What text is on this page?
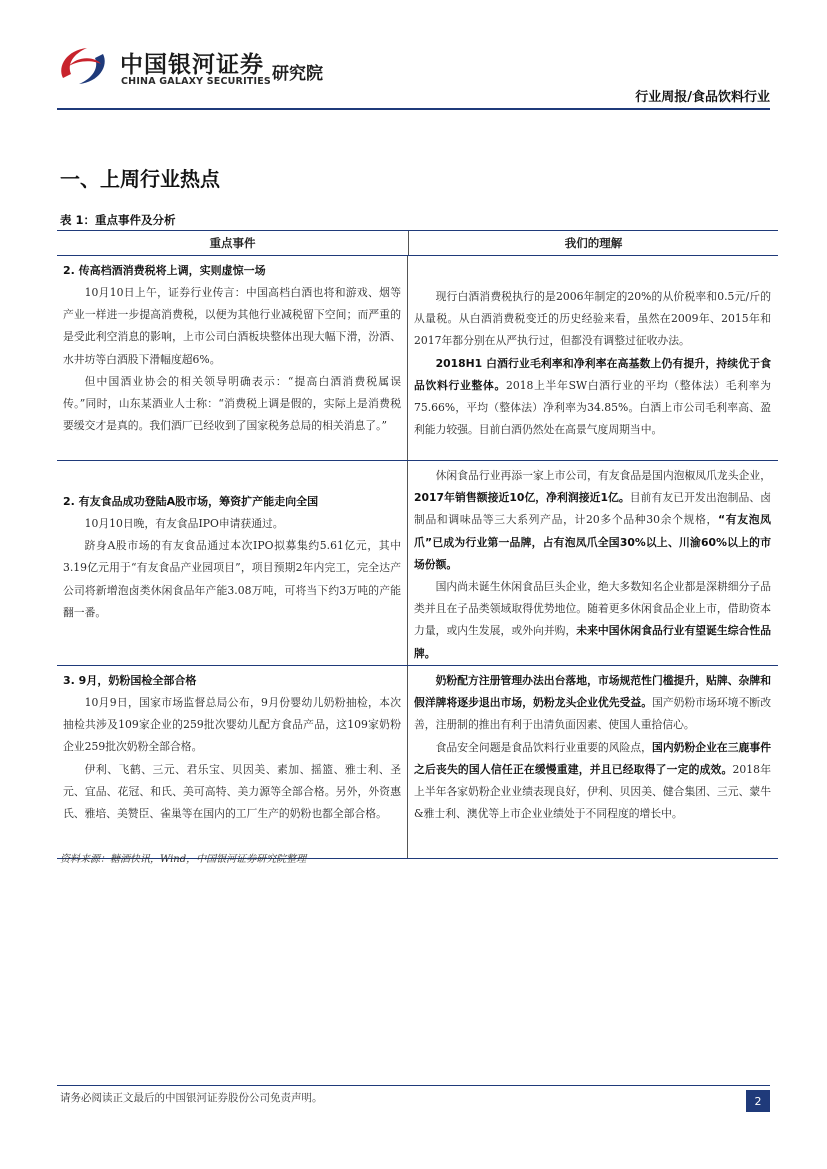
中国银河证券
CHINA GALAXY SECURITIES 研究院
行业周报/食品饮料行业
一、上周行业热点
表 1：重点事件及分析
重点事件	我们的理解
2. 传高档酒消费税将上调，实则虚惊一场

10月10日上午，证券行业传言：中国高档白酒也将和游戏、烟等产业一样进一步提高消费税，以便为其他行业减税留下空间；而严重的是受此利空消息的影响，上市公司白酒板块整体出现大幅下滑，汾酒、水井坊等白酒股下滑幅度超6%。

但中国酒业协会的相关领导明确表示：“提高白酒消费税属误传。”同时，山东某酒业人士称：“消费税上调是假的，实际上是消费税要缓交才是真的。我们酒厂已经收到了国家税务总局的相关消息了。”

现行白酒消费税执行的是2006年制定的20%的从价税率和0.5元/斤的从量税。从白酒消费税变迁的历史经验来看，虽然在2009年、2015年和2017年都分别在从严执行过，但都没有调整过征收办法。

2018H1 白酒行业毛利率和净利率在高基数上仍有提升，持续优于食品饮料行业整体。2018上半年SW白酒行业的平均（整体法）毛利率为75.66%，平均（整体法）净利率为34.85%。白酒上市公司毛利率高、盈利能力较强。目前白酒仍然处在高景气度周期当中。

2. 有友食品成功登陆A股市场，筹资扩产能走向全国

10月10日晚，有友食品IPO申请获通过。

跻身A股市场的有友食品通过本次IPO拟募集约5.61亿元，其中3.19亿元用于“有友食品产业园项目”，项目预期2年内完工，完全达产公司将新增泡卤类休闲食品年产能3.08万吨，可将当下约3万吨的产能翻一番。

休闲食品行业再添一家上市公司，有友食品是国内泡椒凤爪龙头企业，2017年销售额接近10亿，净利润接近1亿。目前有友已开发出泡制品、卤制品和调味品等三大系列产品，计20多个品种30余个规格，“有友泡凤爪”已成为行业第一品牌，占有泡凤爪全国30%以上、川渝60%以上的市场份额。

国内尚未诞生休闲食品巨头企业，绝大多数知名企业都是深耕细分子品类并且在子品类领域取得优势地位。随着更多休闲食品企业上市，借助资本力量，或内生发展，或外向并购，未来中国休闲食品行业有望诞生综合性品牌。

3. 9月，奶粉国检全部合格

10月9日，国家市场监督总局公布，9月份婴幼儿奶粉抽检，本次抽检共涉及109家企业的259批次婴幼儿配方食品产品，这109家奶粉企业259批次奶粉全部合格。

伊利、飞鹤、三元、君乐宝、贝因美、素加、摇篮、雅士利、圣元、宜品、花冠、和氏、美可高特、美力源等全部合格。另外，外资惠氏、雅培、美赞臣、雀巢等在国内的工厂生产的奶粉也都全部合格。

奶粉配方注册管理办法出台落地，市场规范性门槛提升，贴牌、杂牌和假洋牌将逐步退出市场，奶粉龙头企业优先受益。国产奶粉市场环境不断改善，注册制的推出有利于出清负面因素、使国人重拾信心。

食品安全问题是食品饮料行业重要的风险点，国内奶粉企业在三鹿事件之后丧失的国人信任正在缓慢重建，并且已经取得了一定的成效。2018年上半年各家奶粉企业业绩表现良好，伊利、贝因美、健合集团、三元、蒙牛&雅士利、澳优等上市企业业绩处于不同程度的增长中。

资料来源：糖酒快讯，Wind，中国银河证券研究院整理
请务必阅读正文最后的中国银河证券股份公司免责声明。	2
